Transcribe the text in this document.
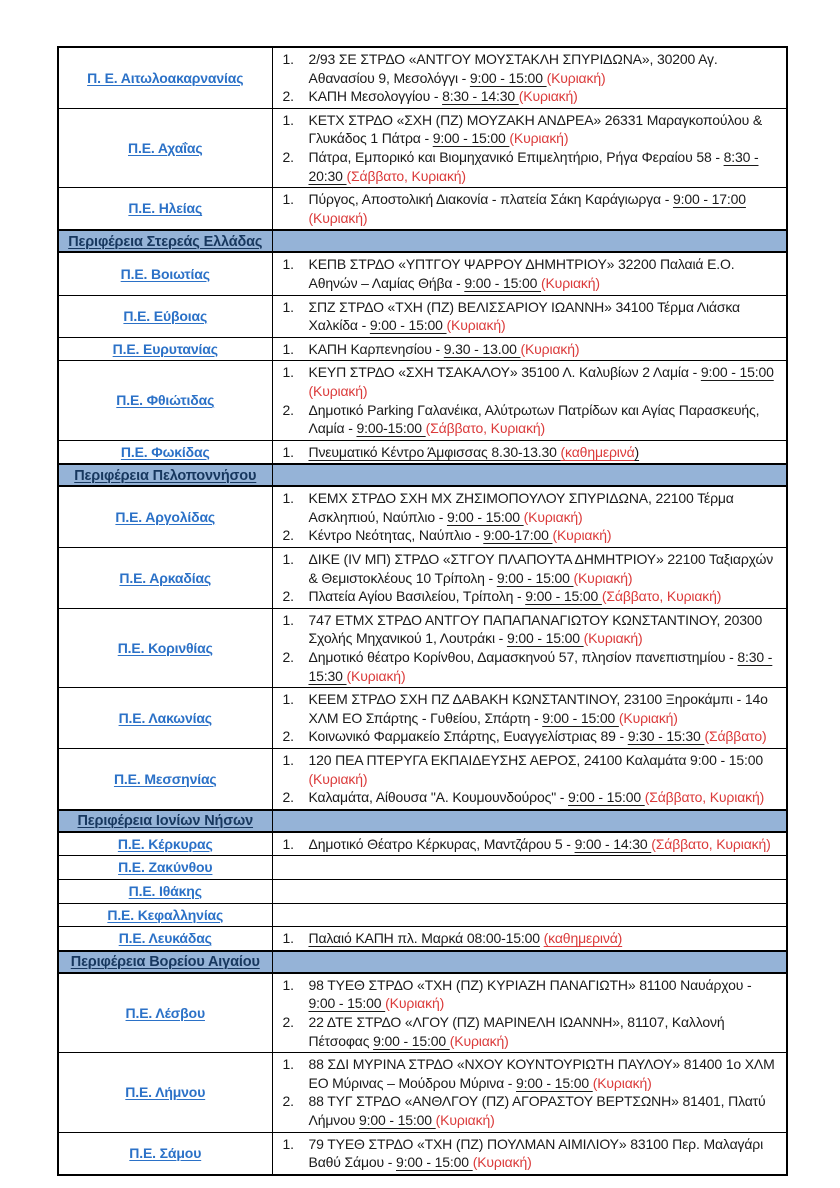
Π. Ε. Αιτωλοακαρνανίας	1. 2/93 ΣΕ ΣΤΡΔΟ «ΑΝΤΓΟΥ ΜΟΥΣΤΑΚΛΗ ΣΠΥΡΙΔΩΝΑ», 30200 Αγ. Αθανασίου 9, Μεσολόγγι - 9:00 - 15:00 (Κυριακή)
2. ΚΑΠΗ Μεσολογγίου - 8:30 - 14:30 (Κυριακή)

Π.Ε. Αχαΐας	1. ΚΕΤΧ ΣΤΡΔΟ «ΣΧΗ (ΠΖ) ΜΟΥΖΑΚΗ ΑΝΔΡΕΑ» 26331 Μαραγκοπούλου & Γλυκάδος 1 Πάτρα - 9:00 - 15:00 (Κυριακή)
2. Πάτρα, Εμπορικό και Βιομηχανικό Επιμελητήριο, Ρήγα Φεραίου 58 - 8:30 - 20:30 (Σάββατο, Κυριακή)

Π.Ε. Ηλείας	1. Πύργος, Αποστολική Διακονία - πλατεία Σάκη Καράγιωργα - 9:00 - 17:00 (Κυριακή)

Περιφέρεια Στερεάς Ελλάδας	
Π.Ε. Βοιωτίας	1. ΚΕΠΒ ΣΤΡΔΟ «ΥΠΤΓΟΥ ΨΑΡΡΟΥ ΔΗΜΗΤΡΙΟΥ» 32200 Παλαιά Ε.Ο. Αθηνών – Λαμίας Θήβα - 9:00 - 15:00 (Κυριακή)

Π.Ε. Εύβοιας	1. ΣΠΖ ΣΤΡΔΟ «ΤΧΗ (ΠΖ) ΒΕΛΙΣΣΑΡΙΟΥ ΙΩΑΝΝΗ» 34100 Τέρμα Λιάσκα Χαλκίδα - 9:00 - 15:00 (Κυριακή)

Π.Ε. Ευρυτανίας	1. ΚΑΠΗ Καρπενησίου - 9.30 - 13.00 (Κυριακή)

Π.Ε. Φθιώτιδας	1. ΚΕΥΠ ΣΤΡΔΟ «ΣΧΗ ΤΣΑΚΑΛΟΥ» 35100 Λ. Καλυβίων 2 Λαμία - 9:00 - 15:00 (Κυριακή)
2. Δημοτικό Parking Γαλανέικα, Αλύτρωτων Πατρίδων και Αγίας Παρασκευής, Λαμία - 9:00-15:00 (Σάββατο, Κυριακή)

Π.Ε. Φωκίδας	1. Πνευματικό Κέντρο Άμφισσας 8.30-13.30 (καθημερινά)

Περιφέρεια Πελοποννήσου	
Π.Ε. Αργολίδας	1. ΚΕΜΧ ΣΤΡΔΟ ΣΧΗ ΜΧ ΖΗΣΙΜΟΠΟΥΛΟΥ ΣΠΥΡΙΔΩΝΑ, 22100 Τέρμα Ασκληπιού, Ναύπλιο - 9:00 - 15:00 (Κυριακή)
2. Κέντρο Νεότητας, Ναύπλιο - 9:00-17:00 (Κυριακή)

Π.Ε. Αρκαδίας	1. ΔΙΚΕ (ΙV ΜΠ) ΣΤΡΔΟ «ΣΤΓΟΥ ΠΛΑΠΟΥΤΑ ΔΗΜΗΤΡΙΟΥ» 22100 Ταξιαρχών & Θεμιστοκλέους 10 Τρίπολη - 9:00 - 15:00 (Κυριακή)
2. Πλατεία Αγίου Βασιλείου, Τρίπολη - 9:00 - 15:00 (Σάββατο, Κυριακή)

Π.Ε. Κορινθίας	1. 747 ΕΤΜΧ ΣΤΡΔΟ ΑΝΤΓΟΥ ΠΑΠΑΠΑΝΑΓΙΩΤΟΥ ΚΩΝΣΤΑΝΤΙΝΟΥ, 20300 Σχολής Μηχανικού 1, Λουτράκι - 9:00 - 15:00 (Κυριακή)
2. Δημοτικό θέατρο Κορίνθου, Δαμασκηνού 57, πλησίον πανεπιστημίου - 8:30 - 15:30 (Κυριακή)

Π.Ε. Λακωνίας	1. ΚΕΕΜ ΣΤΡΔΟ ΣΧΗ ΠΖ ΔΑΒΑΚΗ ΚΩΝΣΤΑΝΤΙΝΟΥ, 23100 Ξηροκάμπι - 14ο ΧΛΜ ΕΟ Σπάρτης - Γυθείου, Σπάρτη - 9:00 - 15:00 (Κυριακή)
2. Κοινωνικό Φαρμακείο Σπάρτης, Ευαγγελίστριας 89 - 9:30 - 15:30 (Σάββατο)

Π.Ε. Μεσσηνίας	1. 120 ΠΕΑ ΠΤΕΡΥΓΑ ΕΚΠΑΙΔΕΥΣΗΣ ΑΕΡΟΣ, 24100 Καλαμάτα 9:00 - 15:00 (Κυριακή)
2. Καλαμάτα, Αίθουσα "Α. Κουμουνδούρος" - 9:00 - 15:00 (Σάββατο, Κυριακή)

Περιφέρεια Ιονίων Νήσων	
Π.Ε. Κέρκυρας	1. Δημοτικό Θέατρο Κέρκυρας, Μαντζάρου 5 - 9:00 - 14:30 (Σάββατο, Κυριακή)

Π.Ε. Ζακύνθου	
Π.Ε. Ιθάκης	
Π.Ε. Κεφαλληνίας	
Π.Ε. Λευκάδας	1. Παλαιό ΚΑΠΗ πλ. Μαρκά 08:00-15:00 (καθημερινά)

Περιφέρεια Βορείου Αιγαίου	
Π.Ε. Λέσβου	1. 98 ΤΥΕΘ ΣΤΡΔΟ «ΤΧΗ (ΠΖ) ΚΥΡΙΑΖΗ ΠΑΝΑΓΙΩΤΗ» 81100 Ναυάρχου - 9:00 - 15:00 (Κυριακή)
2. 22 ΔΤΕ ΣΤΡΔΟ «ΛΓΟΥ (ΠΖ) ΜΑΡΙΝΕΛΗ ΙΩΑΝΝΗ», 81107, Καλλονή Πέτσοφας 9:00 - 15:00 (Κυριακή)

Π.Ε. Λήμνου	1. 88 ΣΔΙ ΜΥΡΙΝΑ ΣΤΡΔΟ «ΝΧΟΥ ΚΟΥΝΤΟΥΡΙΩΤΗ ΠΑΥΛΟΥ» 81400 1ο ΧΛΜ ΕΟ Μύρινας – Μούδρου Μύρινα - 9:00 - 15:00 (Κυριακή)
2. 88 ΤΥΓ ΣΤΡΔΟ «ΑΝΘΛΓΟΥ (ΠΖ) ΑΓΟΡΑΣΤΟΥ ΒΕΡΤΣΩΝΗ» 81401, Πλατύ Λήμνου 9:00 - 15:00 (Κυριακή)

Π.Ε. Σάμου	1. 79 ΤΥΕΘ ΣΤΡΔΟ «ΤΧΗ (ΠΖ) ΠΟΥΛΜΑΝ ΑΙΜΙΛΙΟΥ» 83100 Περ. Μαλαγάρι Βαθύ Σάμου - 9:00 - 15:00 (Κυριακή)
